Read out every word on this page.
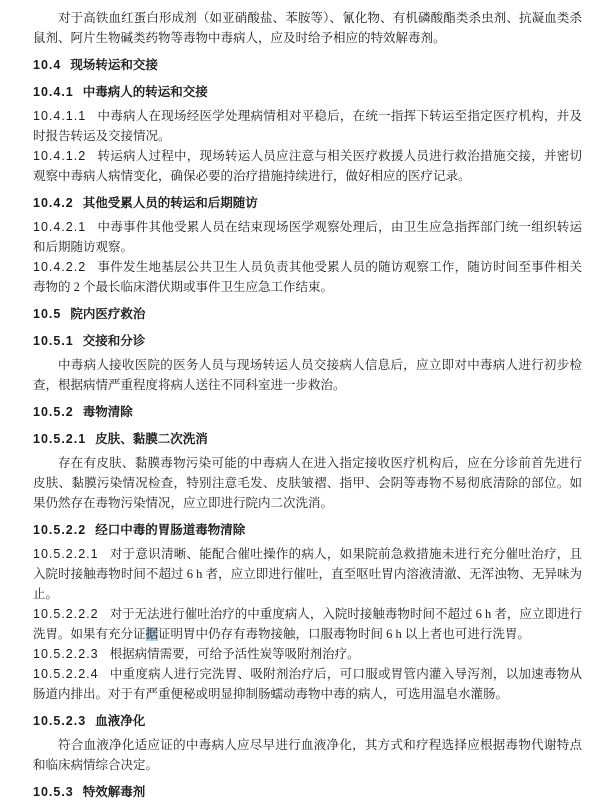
对于高铁血红蛋白形成剂（如亚硝酸盐、苯胺等）、氰化物、有机磷酸酯类杀虫剂、抗凝血类杀鼠剂、阿片生物碱类药物等毒物中毒病人，应及时给予相应的特效解毒剂。

10.4 现场转运和交接

10.4.1 中毒病人的转运和交接

10.4.1.1 中毒病人在现场经医学处理病情相对平稳后，在统一指挥下转运至指定医疗机构，并及时报告转运及交接情况。

10.4.1.2 转运病人过程中，现场转运人员应注意与相关医疗救援人员进行救治措施交接，并密切观察中毒病人病情变化，确保必要的治疗措施持续进行，做好相应的医疗记录。

10.4.2 其他受累人员的转运和后期随访

10.4.2.1 中毒事件其他受累人员在结束现场医学观察处理后，由卫生应急指挥部门统一组织转运和后期随访观察。

10.4.2.2 事件发生地基层公共卫生人员负责其他受累人员的随访观察工作，随访时间至事件相关毒物的 2 个最长临床潜伏期或事件卫生应急工作结束。

10.5 院内医疗救治

10.5.1 交接和分诊

中毒病人接收医院的医务人员与现场转运人员交接病人信息后，应立即对中毒病人进行初步检查，根据病情严重程度将病人送往不同科室进一步救治。

10.5.2 毒物清除

10.5.2.1 皮肤、黏膜二次洗消

存在有皮肤、黏膜毒物污染可能的中毒病人在进入指定接收医疗机构后，应在分诊前首先进行皮肤、黏膜污染情况检查，特别注意毛发、皮肤皱褶、指甲、会阴等毒物不易彻底清除的部位。如果仍然存在毒物污染情况，应立即进行院内二次洗消。

10.5.2.2 经口中毒的胃肠道毒物清除

10.5.2.2.1 对于意识清晰、能配合催吐操作的病人，如果院前急救措施未进行充分催吐治疗，且入院时接触毒物时间不超过 6 h 者，应立即进行催吐，直至呕吐胃内溶液清澈、无浑浊物、无异味为止。

10.5.2.2.2 对于无法进行催吐治疗的中重度病人，入院时接触毒物时间不超过 6 h 者，应立即进行洗胃。如果有充分证据证明胃中仍存有毒物接触，口服毒物时间 6 h 以上者也可进行洗胃。

10.5.2.2.3 根据病情需要，可给予活性炭等吸附剂治疗。

10.5.2.2.4 中重度病人进行完洗胃、吸附剂治疗后，可口服或胃管内灌入导泻剂，以加速毒物从肠道内排出。对于有严重便秘或明显抑制肠蠕动毒物中毒的病人，可选用温皂水灌肠。

10.5.2.3 血液净化

符合血液净化适应证的中毒病人应尽早进行血液净化，其方式和疗程选择应根据毒物代谢特点和临床病情综合决定。

10.5.3 特效解毒剂
